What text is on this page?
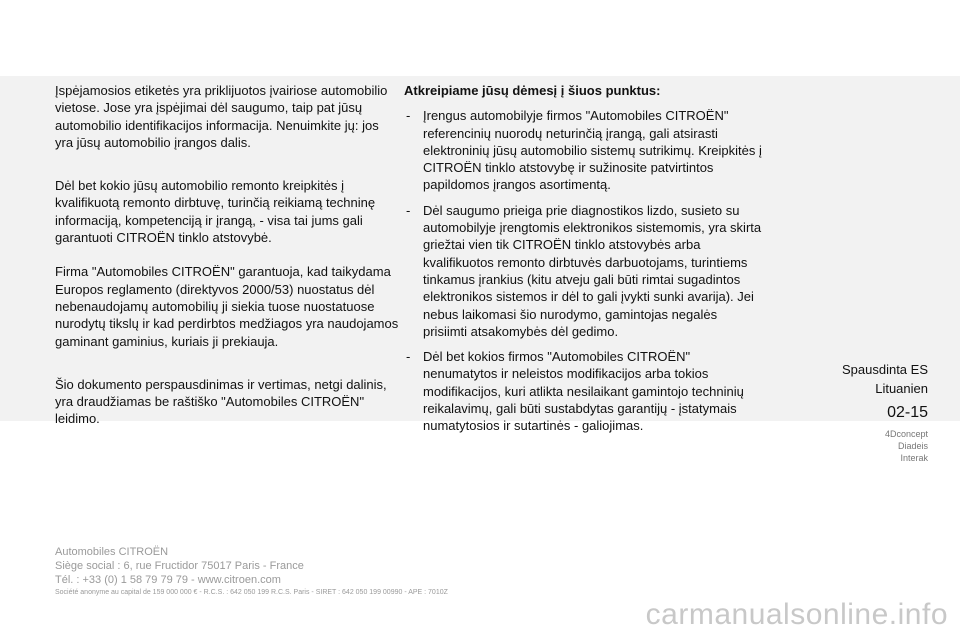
Įspėjamosios etiketės yra priklijuotos įvairiose automobilio vietose. Jose yra įspėjimai dėl saugumo, taip pat jūsų automobilio identifikacijos informacija. Nenuimkite jų: jos yra jūsų automobilio įrangos dalis.

Dėl bet kokio jūsų automobilio remonto kreipkitės į kvalifikuotą remonto dirbtuvę, turinčią reikiamą techninę informaciją, kompetenciją ir įrangą, - visa tai jums gali garantuoti CITROËN tinklo atstovybė.

Firma "Automobiles CITROËN" garantuoja, kad taikydama Europos reglamento (direktyvos 2000/53) nuostatus dėl nebenaudojamų automobilių ji siekia tuose nuostatuose nurodytų tikslų ir kad perdirbtos medžiagos yra naudojamos gaminant gaminius, kuriais ji prekiauja.

Šio dokumento perspausdinimas ir vertimas, netgi dalinis, yra draudžiamas be raštiško "Automobiles CITROËN" leidimo.

Atkreipiame jūsų dėmesį į šiuos punktus:
- Įrengus automobilyje firmos "Automobiles CITROËN" referencinių nuorodų neturinčią įrangą, gali atsirasti elektroninių jūsų automobilio sistemų sutrikimų. Kreipkitės į CITROËN tinklo atstovybę ir sužinosite patvirtintos papildomos įrangos asortimentą.
- Dėl saugumo prieiga prie diagnostikos lizdo, susieto su automobilyje įrengtomis elektronikos sistemomis, yra skirta griežtai vien tik CITROËN tinklo atstovybės arba kvalifikuotos remonto dirbtuvės darbuotojams, turintiems tinkamus įrankius (kitu atveju gali būti rimtai sugadintos elektronikos sistemos ir dėl to gali įvykti sunki avarija). Jei nebus laikomasi šio nurodymo, gamintojas negalės prisiimti atsakomybės dėl gedimo.
- Dėl bet kokios firmos "Automobiles CITROËN" nenumatytos ir neleistos modifikacijos arba tokios modifikacijos, kuri atlikta nesilaikant gamintojo techninių reikalavimų, gali būti sustabdytas garantijų - įstatymais numatytosios ir sutartinės - galiojimas.
Spausdinta ES
Lituanien
02-15
4Dconcept
Diadeis
Interak
Automobiles CITROËN
Siège social : 6, rue Fructidor 75017 Paris - France
Tél. : +33 (0) 1 58 79 79 79 - www.citroen.com
Société anonyme au capital de 159 000 000 € - R.C.S. : 642 050 199 R.C.S. Paris - SIRET : 642 050 199 00990 - APE : 7010Z
carmanualsonline.info
